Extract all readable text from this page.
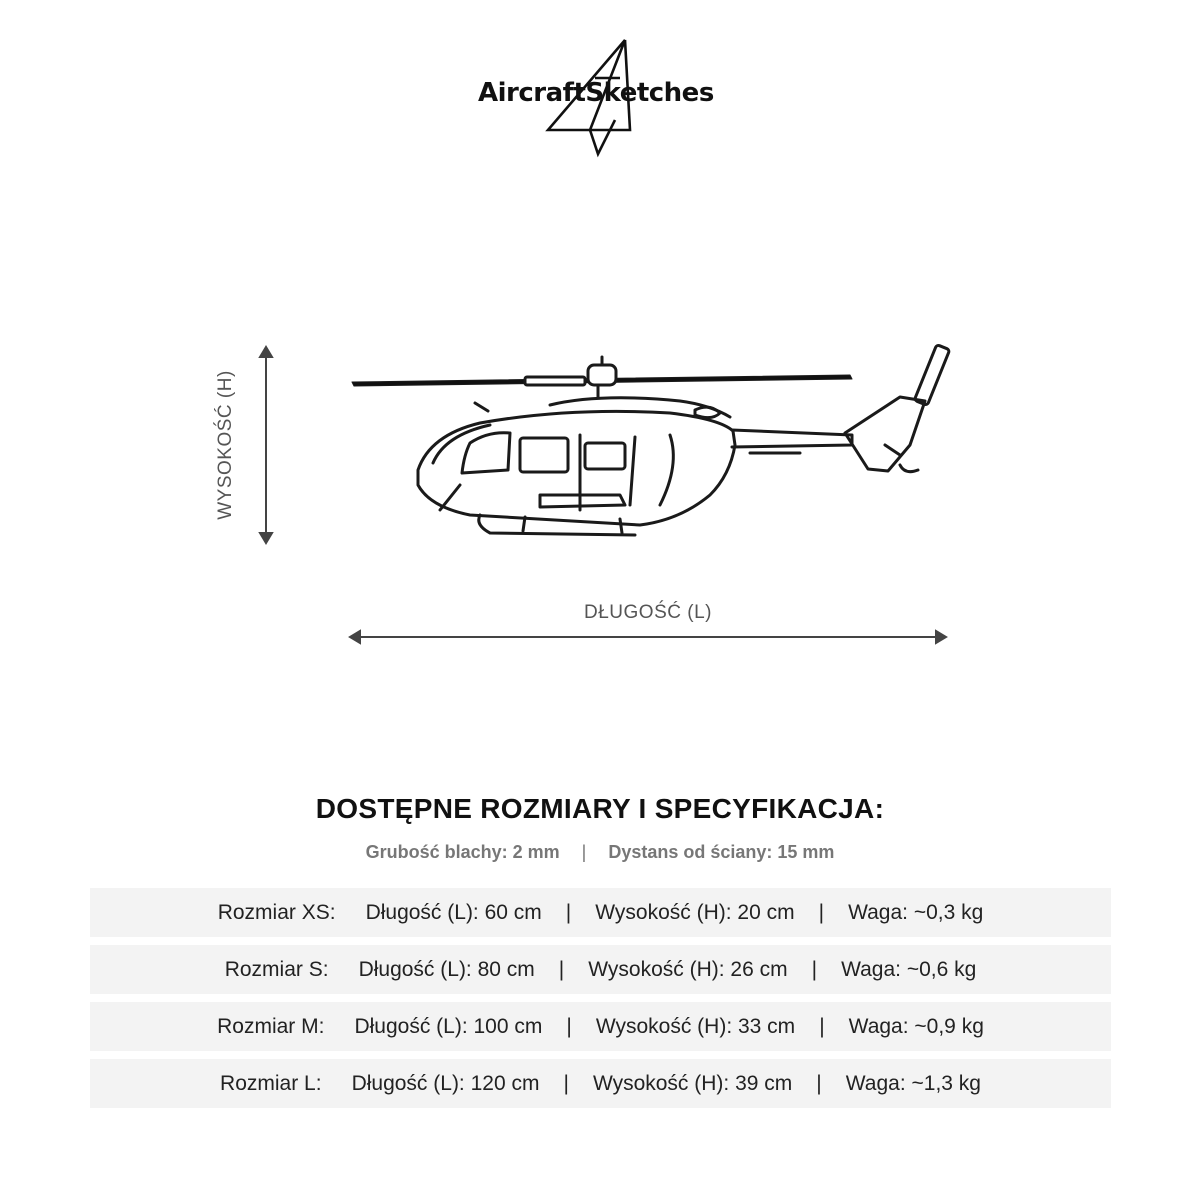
AircraftSketches
WYSOKOŚĆ (H)
DŁUGOŚĆ (L)
DOSTĘPNE ROZMIARY I SPECYFIKACJA:
Grubość blachy: 2 mm | Dystans od ściany: 15 mm
Rozmiar XS: Długość (L): 60 cm | Wysokość (H): 20 cm | Waga: ~0,3 kg
Rozmiar S: Długość (L): 80 cm | Wysokość (H): 26 cm | Waga: ~0,6 kg
Rozmiar M: Długość (L): 100 cm | Wysokość (H): 33 cm | Waga: ~0,9 kg
Rozmiar L: Długość (L): 120 cm | Wysokość (H): 39 cm | Waga: ~1,3 kg
